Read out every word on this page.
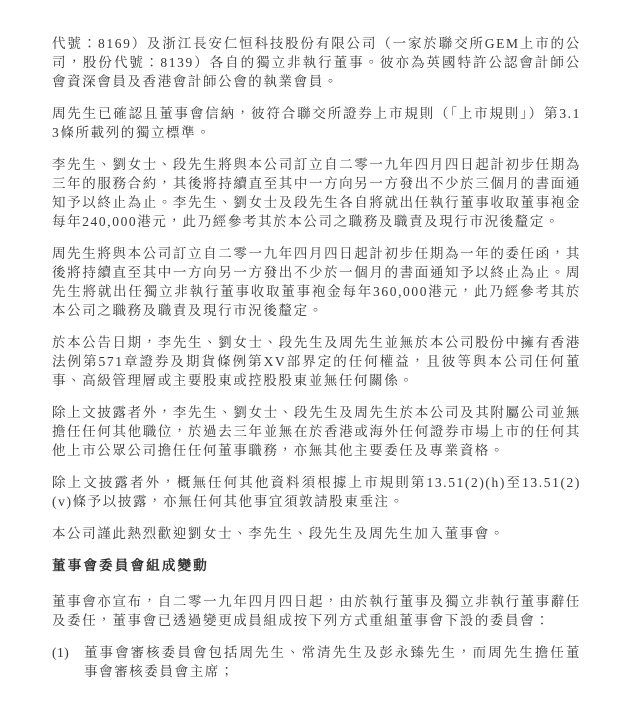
代號：8169）及浙江長安仁恒科技股份有限公司（一家於聯交所GEM上市的公司，股份代號：8139）各自的獨立非執行董事。彼亦為英國特許公認會計師公會資深會員及香港會計師公會的執業會員。

周先生已確認且董事會信納，彼符合聯交所證券上市規則（「上市規則」）第3.13條所載列的獨立標準。

李先生、劉女士、段先生將與本公司訂立自二零一九年四月四日起計初步任期為三年的服務合約，其後將持續直至其中一方向另一方發出不少於三個月的書面通知予以終止為止。李先生、劉女士及段先生各自將就出任執行董事收取董事袍金每年240,000港元，此乃經參考其於本公司之職務及職責及現行市況後釐定。

周先生將與本公司訂立自二零一九年四月四日起計初步任期為一年的委任函，其後將持續直至其中一方向另一方發出不少於一個月的書面通知予以終止為止。周先生將就出任獨立非執行董事收取董事袍金每年360,000港元，此乃經參考其於本公司之職務及職責及現行市況後釐定。

於本公告日期，李先生、劉女士、段先生及周先生並無於本公司股份中擁有香港法例第571章證券及期貨條例第XV部界定的任何權益，且彼等與本公司任何董事、高級管理層或主要股東或控股股東並無任何關係。

除上文披露者外，李先生、劉女士、段先生及周先生於本公司及其附屬公司並無擔任任何其他職位，於過去三年並無在於香港或海外任何證券市場上市的任何其他上市公眾公司擔任任何董事職務，亦無其他主要委任及專業資格。

除上文披露者外，概無任何其他資料須根據上市規則第13.51(2)(h)至13.51(2)(v)條予以披露，亦無任何其他事宜須敦請股東垂注。

本公司謹此熱烈歡迎劉女士、李先生、段先生及周先生加入董事會。

董事會委員會組成變動

董事會亦宣布，自二零一九年四月四日起，由於執行董事及獨立非執行董事辭任及委任，董事會已透過變更成員組成按下列方式重組董事會下設的委員會：

(1)	董事會審核委員會包括周先生、常清先生及彭永臻先生，而周先生擔任董事會審核委員會主席；
